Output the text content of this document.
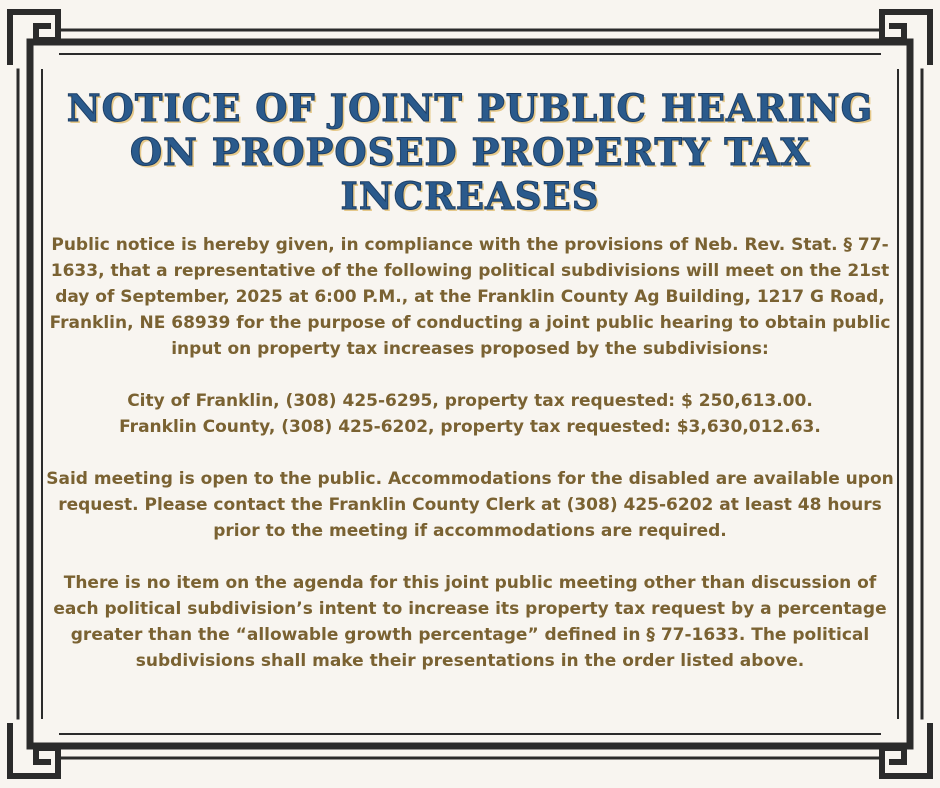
NOTICE OF JOINT PUBLIC HEARING ON PROPOSED PROPERTY TAX INCREASES

Public notice is hereby given, in compliance with the provisions of Neb. Rev. Stat. § 77-1633, that a representative of the following political subdivisions will meet on the 21st day of September, 2025 at 6:00 P.M., at the Franklin County Ag Building, 1217 G Road, Franklin, NE 68939 for the purpose of conducting a joint public hearing to obtain public input on property tax increases proposed by the subdivisions:

City of Franklin, (308) 425-6295, property tax requested: $ 250,613.00.

Franklin County, (308) 425-6202, property tax requested: $3,630,012.63.

Said meeting is open to the public. Accommodations for the disabled are available upon request. Please contact the Franklin County Clerk at (308) 425-6202 at least 48 hours prior to the meeting if accommodations are required.

There is no item on the agenda for this joint public meeting other than discussion of each political subdivision’s intent to increase its property tax request by a percentage greater than the “allowable growth percentage” defined in § 77-1633. The political subdivisions shall make their presentations in the order listed above.
